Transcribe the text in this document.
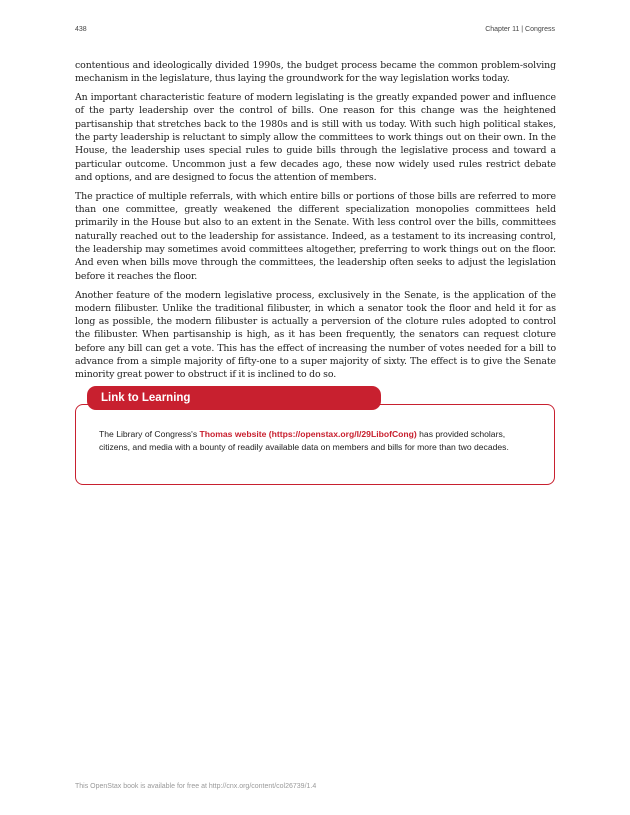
438	Chapter 11 | Congress

contentious and ideologically divided 1990s, the budget process became the common problem-solving mechanism in the legislature, thus laying the groundwork for the way legislation works today.

An important characteristic feature of modern legislating is the greatly expanded power and influence of the party leadership over the control of bills. One reason for this change was the heightened partisanship that stretches back to the 1980s and is still with us today. With such high political stakes, the party leadership is reluctant to simply allow the committees to work things out on their own. In the House, the leadership uses special rules to guide bills through the legislative process and toward a particular outcome. Uncommon just a few decades ago, these now widely used rules restrict debate and options, and are designed to focus the attention of members.

The practice of multiple referrals, with which entire bills or portions of those bills are referred to more than one committee, greatly weakened the different specialization monopolies committees held primarily in the House but also to an extent in the Senate. With less control over the bills, committees naturally reached out to the leadership for assistance. Indeed, as a testament to its increasing control, the leadership may sometimes avoid committees altogether, preferring to work things out on the floor. And even when bills move through the committees, the leadership often seeks to adjust the legislation before it reaches the floor.

Another feature of the modern legislative process, exclusively in the Senate, is the application of the modern filibuster. Unlike the traditional filibuster, in which a senator took the floor and held it for as long as possible, the modern filibuster is actually a perversion of the cloture rules adopted to control the filibuster. When partisanship is high, as it has been frequently, the senators can request cloture before any bill can get a vote. This has the effect of increasing the number of votes needed for a bill to advance from a simple majority of fifty-one to a super majority of sixty. The effect is to give the Senate minority great power to obstruct if it is inclined to do so.

Link to Learning
The Library of Congress's Thomas website (https://openstax.org/l/29LibofCong) has provided scholars, citizens, and media with a bounty of readily available data on members and bills for more than two decades.
This OpenStax book is available for free at http://cnx.org/content/col26739/1.4
